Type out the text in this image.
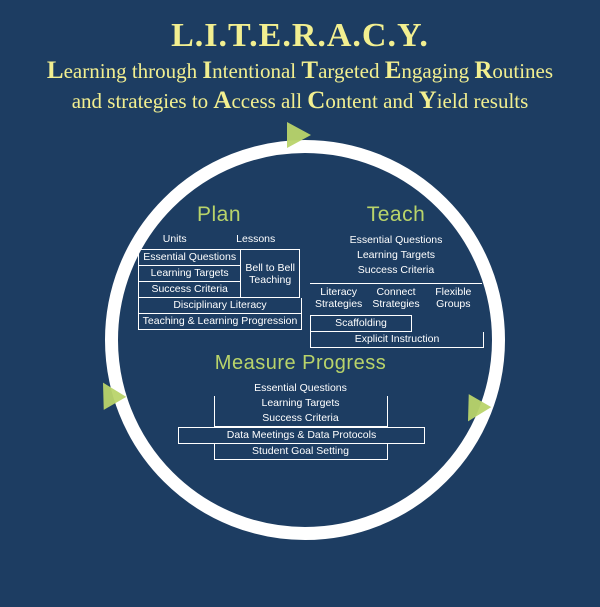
L.I.T.E.R.A.C.Y.
Learning through Intentional Targeted Engaging Routines
and strategies to Access all Content and Yield results
Plan
Units	Lessons
Essential Questions
Learning Targets
Success Criteria
Bell to Bell Teaching
Disciplinary Literacy
Teaching & Learning Progression
Teach
Essential Questions
Learning Targets
Success Criteria
Literacy Strategies
Connect Strategies
Flexible Groups
Scaffolding
Explicit Instruction
Measure Progress
Essential Questions
Learning Targets
Success Criteria
Data Meetings & Data Protocols
Student Goal Setting
